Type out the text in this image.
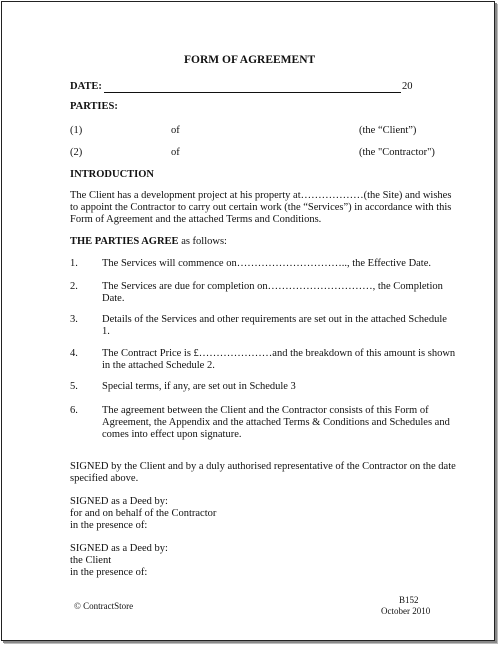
FORM OF AGREEMENT
DATE:	20
PARTIES:
(1)	of	(the “Client”)
(2)	of	(the "Contractor")
INTRODUCTION
The Client has a development project at his property at………………(the Site) and wishes
to appoint the Contractor to carry out certain work (the “Services”) in accordance with this
Form of Agreement and the attached Terms and Conditions.
THE PARTIES AGREE as follows:
1. The Services will commence on………………………….., the Effective Date.
2. The Services are due for completion on…………………………, the Completion
Date.
3. Details of the Services and other requirements are set out in the attached Schedule
1.
4. The Contract Price is £…………………and the breakdown of this amount is shown
in the attached Schedule 2.
5. Special terms, if any, are set out in Schedule 3
6. The agreement between the Client and the Contractor consists of this Form of
Agreement, the Appendix and the attached Terms & Conditions and Schedules and
comes into effect upon signature.
SIGNED by the Client and by a duly authorised representative of the Contractor on the date
specified above.
SIGNED as a Deed by:
for and on behalf of the Contractor
in the presence of:
SIGNED as a Deed by:
the Client
in the presence of:
© ContractStore
B152
October 2010
